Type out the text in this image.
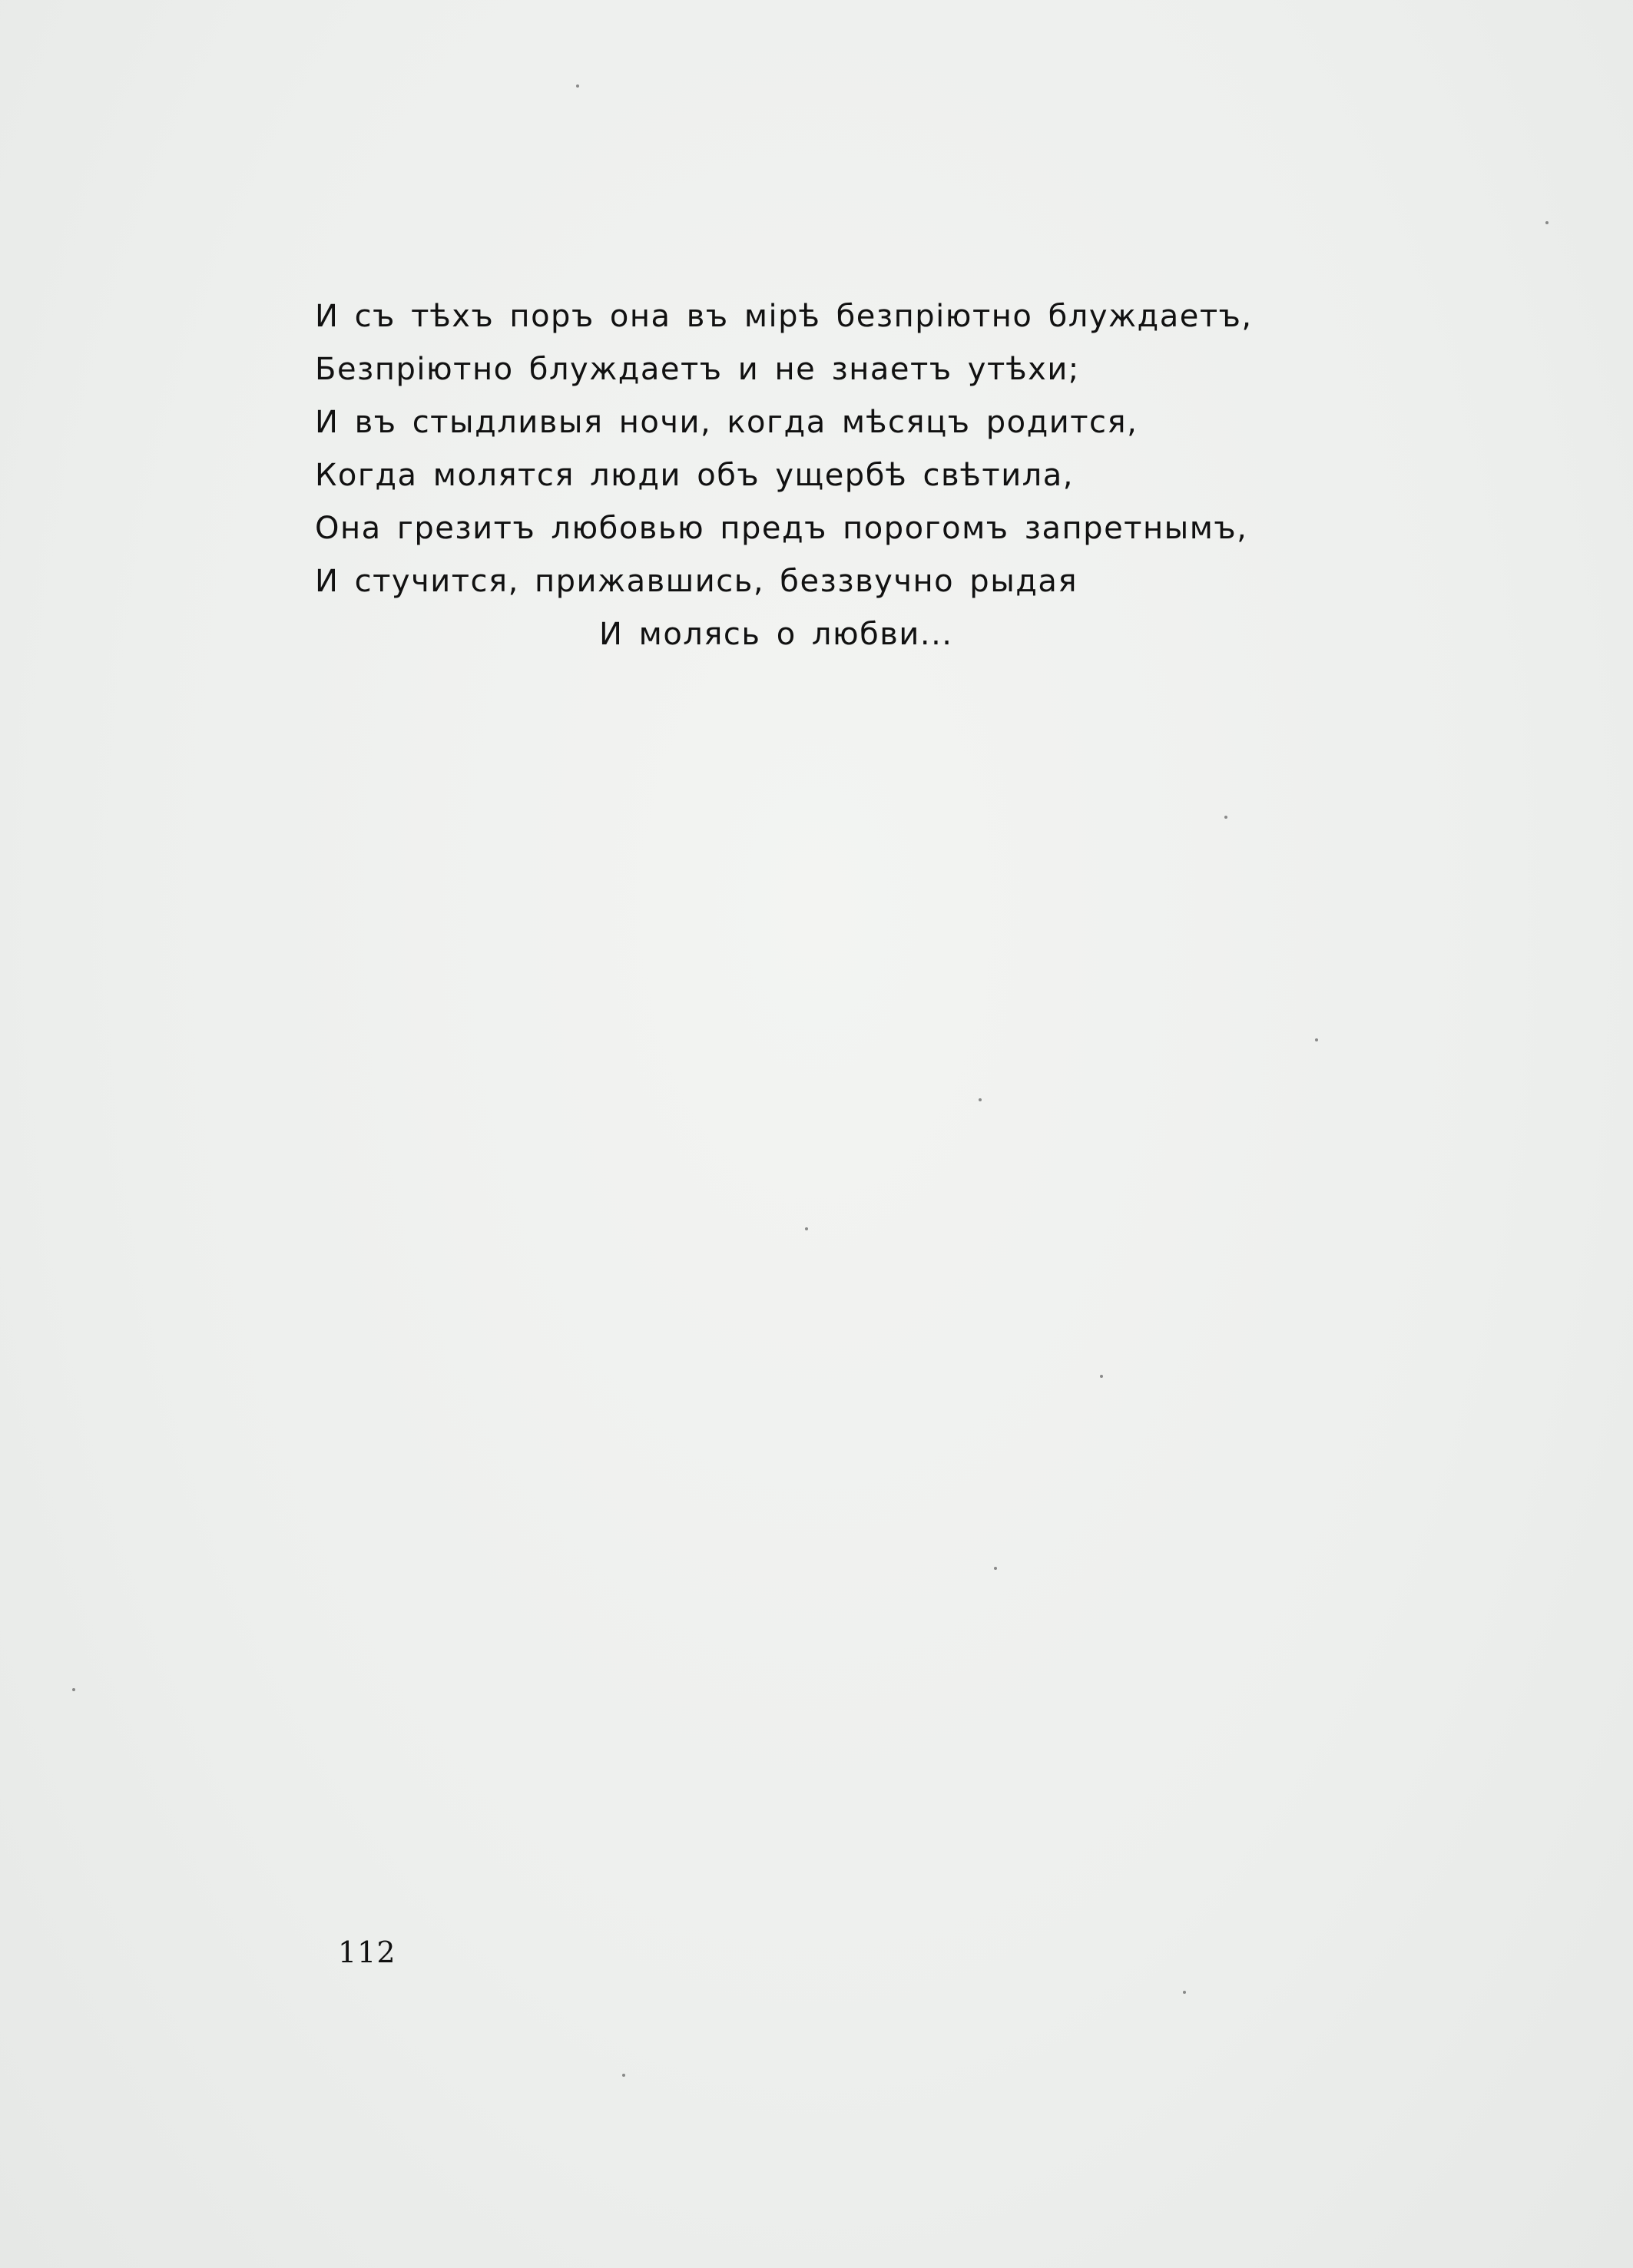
И съ тѣхъ поръ она въ мірѣ безпріютно блуждаетъ,

Безпріютно блуждаетъ и не знаетъ утѣхи;

И въ стыдливыя ночи, когда мѣсяцъ родится,

Когда молятся люди объ ущербѣ свѣтила,

Она грезитъ любовью предъ порогомъ запретнымъ,

И стучится, прижавшись, беззвучно рыдая

И молясь о любви...

112
